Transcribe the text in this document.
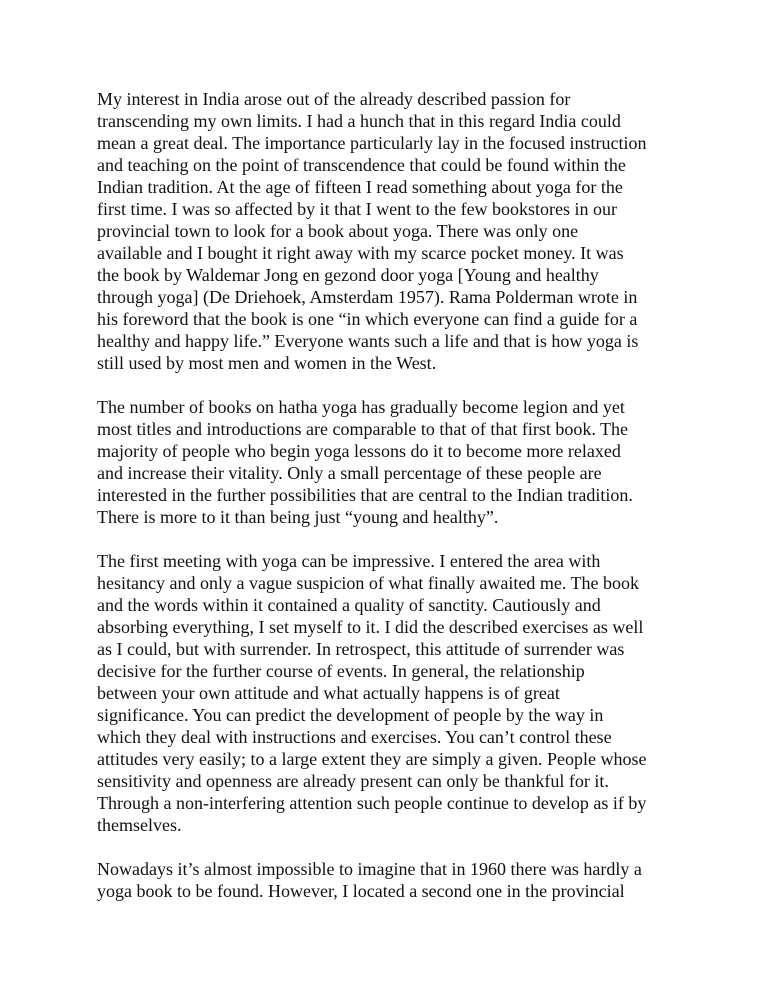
My interest in India arose out of the already described passion for
transcending my own limits. I had a hunch that in this regard India could
mean a great deal. The importance particularly lay in the focused instruction
and teaching on the point of transcendence that could be found within the
Indian tradition. At the age of fifteen I read something about yoga for the
first time. I was so affected by it that I went to the few bookstores in our
provincial town to look for a book about yoga. There was only one
available and I bought it right away with my scarce pocket money. It was
the book by Waldemar Jong en gezond door yoga [Young and healthy
through yoga] (De Driehoek, Amsterdam 1957). Rama Polderman wrote in
his foreword that the book is one “in which everyone can find a guide for a
healthy and happy life.” Everyone wants such a life and that is how yoga is
still used by most men and women in the West.

The number of books on hatha yoga has gradually become legion and yet
most titles and introductions are comparable to that of that first book. The
majority of people who begin yoga lessons do it to become more relaxed
and increase their vitality. Only a small percentage of these people are
interested in the further possibilities that are central to the Indian tradition.
There is more to it than being just “young and healthy”.

The first meeting with yoga can be impressive. I entered the area with
hesitancy and only a vague suspicion of what finally awaited me. The book
and the words within it contained a quality of sanctity. Cautiously and
absorbing everything, I set myself to it. I did the described exercises as well
as I could, but with surrender. In retrospect, this attitude of surrender was
decisive for the further course of events. In general, the relationship
between your own attitude and what actually happens is of great
significance. You can predict the development of people by the way in
which they deal with instructions and exercises. You can’t control these
attitudes very easily; to a large extent they are simply a given. People whose
sensitivity and openness are already present can only be thankful for it.
Through a non-interfering attention such people continue to develop as if by
themselves.

Nowadays it’s almost impossible to imagine that in 1960 there was hardly a
yoga book to be found. However, I located a second one in the provincial
